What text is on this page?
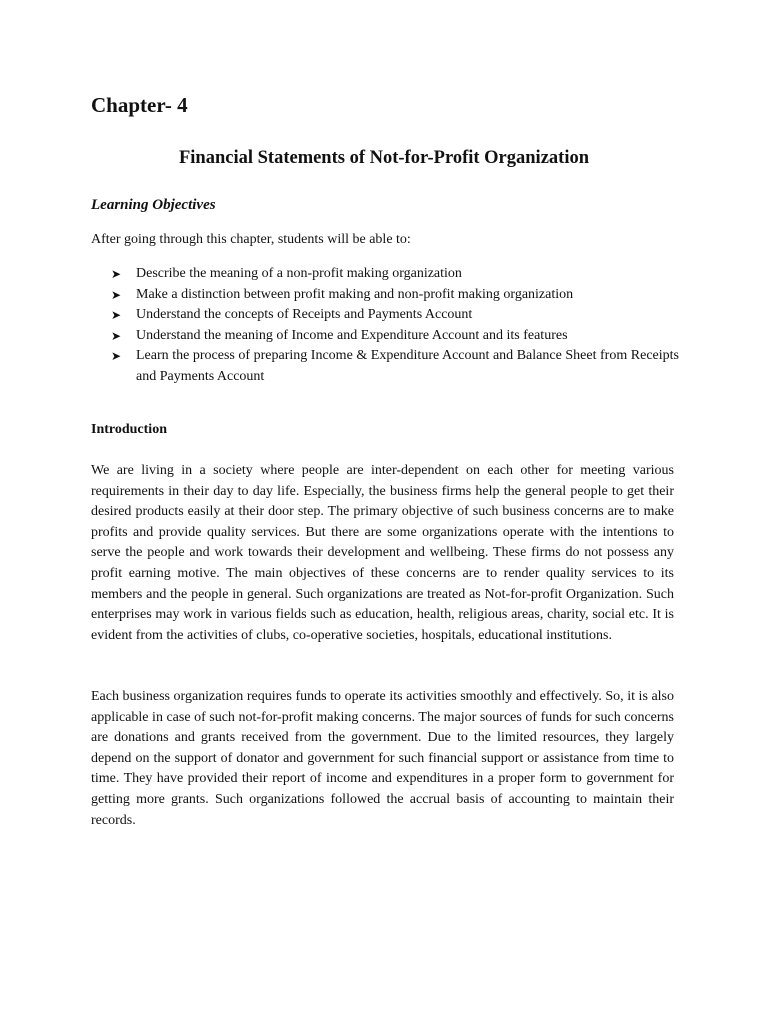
Chapter- 4
Financial Statements of Not-for-Profit Organization
Learning Objectives

After going through this chapter, students will be able to:

➤ Describe the meaning of a non-profit making organization
➤ Make a distinction between profit making and non-profit making organization
➤ Understand the concepts of Receipts and Payments Account
➤ Understand the meaning of Income and Expenditure Account and its features
➤ Learn the process of preparing Income & Expenditure Account and Balance Sheet from Receipts and Payments Account
Introduction

We are living in a society where people are inter-dependent on each other for meeting various requirements in their day to day life. Especially, the business firms help the general people to get their desired products easily at their door step. The primary objective of such business concerns are to make profits and provide quality services. But there are some organizations operate with the intentions to serve the people and work towards their development and wellbeing. These firms do not possess any profit earning motive. The main objectives of these concerns are to render quality services to its members and the people in general. Such organizations are treated as Not-for-profit Organization. Such enterprises may work in various fields such as education, health, religious areas, charity, social etc. It is evident from the activities of clubs, co-operative societies, hospitals, educational institutions.

Each business organization requires funds to operate its activities smoothly and effectively. So, it is also applicable in case of such not-for-profit making concerns. The major sources of funds for such concerns are donations and grants received from the government. Due to the limited resources, they largely depend on the support of donator and government for such financial support or assistance from time to time. They have provided their report of income and expenditures in a proper form to government for getting more grants. Such organizations followed the accrual basis of accounting to maintain their records.
